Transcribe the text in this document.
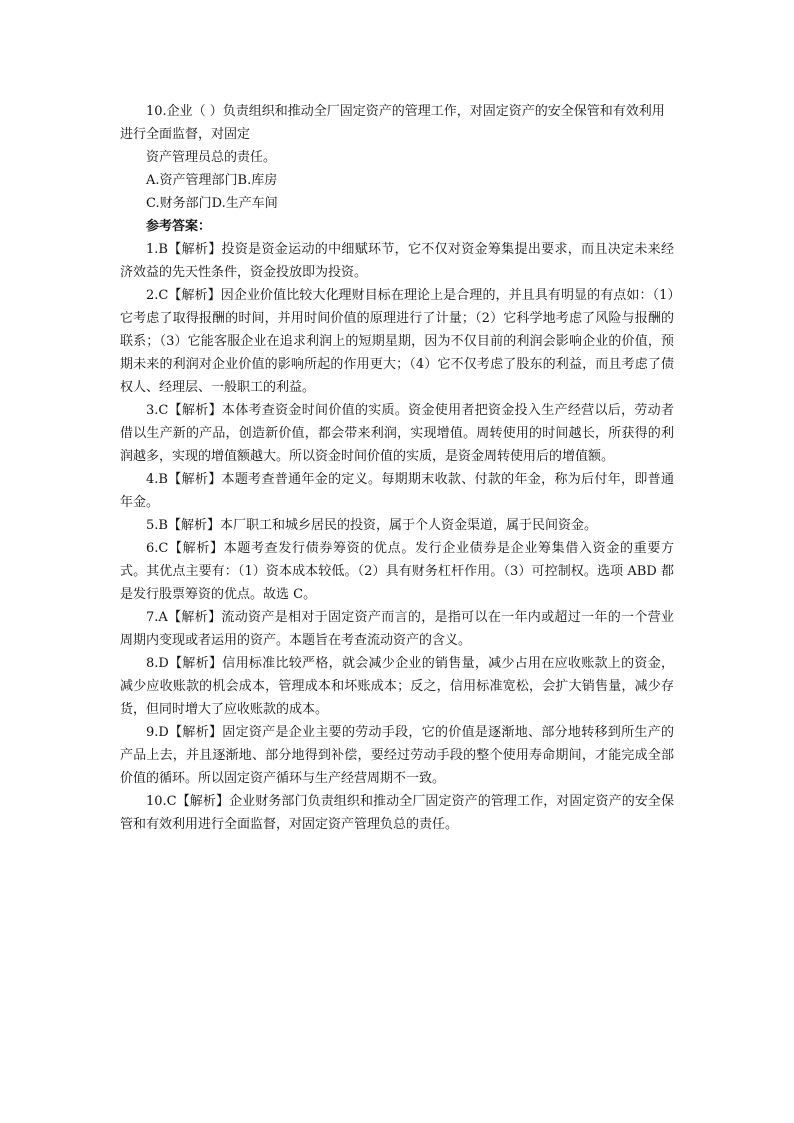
10.企业（ ）负责组织和推动全厂固定资产的管理工作，对固定资产的安全保管和有效利用进行全面监督，对固定

资产管理员总的责任。

A.资产管理部门B.库房

C.财务部门D.生产车间

参考答案：

1.B【解析】投资是资金运动的中细赋环节，它不仅对资金筹集提出要求，而且决定未来经济效益的先天性条件，资金投放即为投资。

2.C【解析】因企业价值比较大化理财目标在理论上是合理的，并且具有明显的有点如：（1）它考虑了取得报酬的时间，并用时间价值的原理进行了计量；（2）它科学地考虑了风险与报酬的联系；（3）它能客服企业在追求利润上的短期星期，因为不仅目前的利润会影响企业的价值，预期未来的利润对企业价值的影响所起的作用更大；（4）它不仅考虑了股东的利益，而且考虑了债权人、经理层、一般职工的利益。

3.C【解析】本体考查资金时间价值的实质。资金使用者把资金投入生产经营以后，劳动者借以生产新的产品，创造新价值，都会带来利润，实现增值。周转使用的时间越长，所获得的利润越多，实现的增值额越大。所以资金时间价值的实质，是资金周转使用后的增值额。

4.B【解析】本题考查普通年金的定义。每期期末收款、付款的年金，称为后付年，即普通年金。

5.B【解析】本厂职工和城乡居民的投资，属于个人资金渠道，属于民间资金。

6.C【解析】本题考查发行债券筹资的优点。发行企业债券是企业筹集借入资金的重要方式。其优点主要有：（1）资本成本较低。（2）具有财务杠杆作用。（3）可控制权。选项 ABD 都是发行股票筹资的优点。故选 C。

7.A【解析】流动资产是相对于固定资产而言的，是指可以在一年内或超过一年的一个营业周期内变现或者运用的资产。本题旨在考查流动资产的含义。

8.D【解析】信用标准比较严格，就会减少企业的销售量，减少占用在应收账款上的资金，减少应收账款的机会成本，管理成本和坏账成本；反之，信用标准宽松，会扩大销售量，减少存货，但同时增大了应收账款的成本。

9.D【解析】固定资产是企业主要的劳动手段，它的价值是逐渐地、部分地转移到所生产的产品上去，并且逐渐地、部分地得到补偿，要经过劳动手段的整个使用寿命期间，才能完成全部价值的循环。所以固定资产循环与生产经营周期不一致。

10.C【解析】企业财务部门负责组织和推动全厂固定资产的管理工作，对固定资产的安全保管和有效利用进行全面监督，对固定资产管理负总的责任。
